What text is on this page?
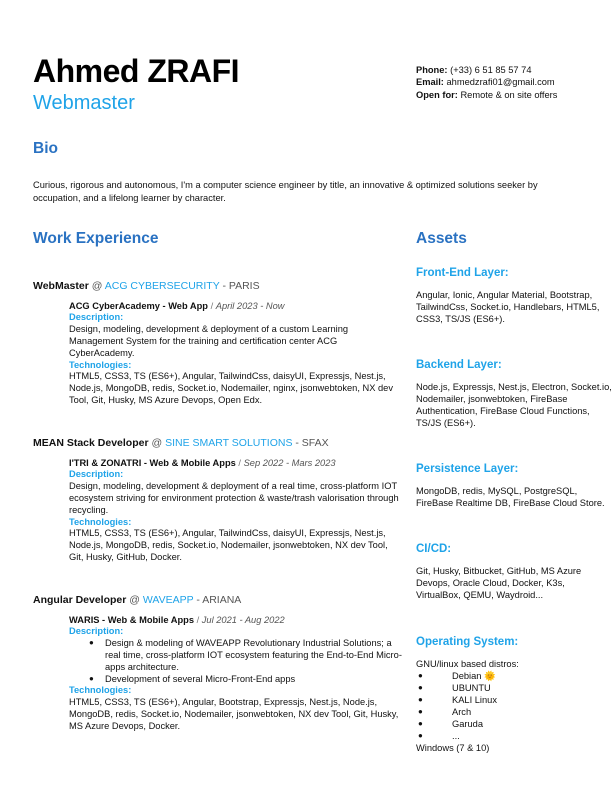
Ahmed ZRAFI
Webmaster
Phone: (+33) 6 51 85 57 74
Email: ahmedzrafi01@gmail.com
Open for: Remote & on site offers
Bio
Curious, rigorous and autonomous, I'm a computer science engineer by title, an innovative & optimized solutions seeker by occupation, and a lifelong learner by character.
Work Experience
WebMaster @ ACG CYBERSECURITY - PARIS
ACG CyberAcademy - Web App / April 2023 - Now
Description:
Design, modeling, development & deployment of a custom Learning Management System for the training and certification center ACG CyberAcademy.
Technologies:
HTML5, CSS3, TS (ES6+), Angular, TailwindCss, daisyUI, Expressjs, Nest.js, Node.js, MongoDB, redis, Socket.io, Nodemailer, nginx, jsonwebtoken, NX dev Tool, Git, Husky, MS Azure Devops, Open Edx.
MEAN Stack Developer @ SINE SMART SOLUTIONS - SFAX
I'TRI & ZONATRI - Web & Mobile Apps / Sep 2022 - Mars 2023
Description:
Design, modeling, development & deployment of a real time, cross-platform IOT ecosystem striving for environment protection & waste/trash valorisation through recycling.
Technologies:
HTML5, CSS3, TS (ES6+), Angular, TailwindCss, daisyUI, Expressjs, Nest.js, Node.js, MongoDB, redis, Socket.io, Nodemailer, jsonwebtoken, NX dev Tool, Git, Husky, GitHub, Docker.
Angular Developer @ WAVEAPP - ARIANA
WARIS - Web & Mobile Apps / Jul 2021 - Aug 2022
Description:
● Design & modeling of WAVEAPP Revolutionary Industrial Solutions; a real time, cross-platform IOT ecosystem featuring the End-to-End Micro-apps architecture.
● Development of several Micro-Front-End apps
Technologies:
HTML5, CSS3, TS (ES6+), Angular, Bootstrap, Expressjs, Nest.js, Node.js, MongoDB, redis, Socket.io, Nodemailer, jsonwebtoken, NX dev Tool, Git, Husky, MS Azure Devops, Docker.
Assets
Front-End Layer:
Angular, Ionic, Angular Material, Bootstrap, TailwindCss, Socket.io, Handlebars, HTML5, CSS3, TS/JS (ES6+).
Backend Layer:
Node.js, Expressjs, Nest.js, Electron, Socket.io, Nodemailer, jsonwebtoken, FireBase Authentication, FireBase Cloud Functions, TS/JS (ES6+).
Persistence Layer:
MongoDB, redis, MySQL, PostgreSQL, FireBase Realtime DB, FireBase Cloud Store.
CI/CD:
Git, Husky, Bitbucket, GitHub, MS Azure Devops, Oracle Cloud, Docker, K3s, VirtualBox, QEMU, Waydroid...
Operating System:
GNU/linux based distros:
● Debian 🌞
● UBUNTU
● KALI Linux
● Arch
● Garuda
● ...
Windows (7 & 10)
